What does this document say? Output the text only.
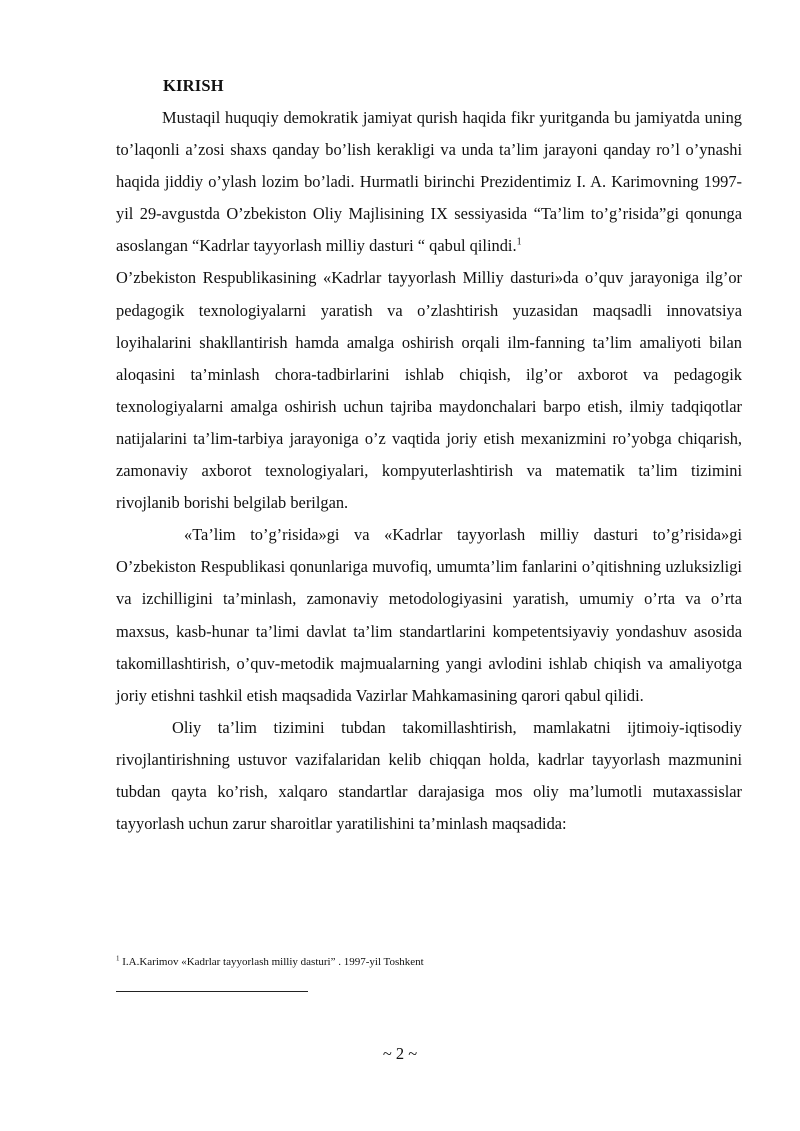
KIRISH

Mustaqil huquqiy demokratik jamiyat qurish haqida fikr yuritganda bu jamiyatda uning to’laqonli a’zosi shaxs qanday bo’lish kerakligi va unda ta’lim jarayoni qanday ro’l o’ynashi haqida jiddiy o’ylash lozim bo’ladi. Hurmatli birinchi Prezidentimiz I. A. Karimovning 1997- yil 29-avgustda O’zbekiston Oliy Majlisining IX sessiyasida “Ta’lim to’g’risida”gi qonunga asoslangan “Kadrlar tayyorlash milliy dasturi “ qabul qilindi.$^1$

O’zbekiston Respublikasining «Kadrlar tayyorlash Milliy dasturi»da o’quv jarayoniga ilg’or pedagogik texnologiyalarni yaratish va o’zlashtirish yuzasidan maqsadli innovatsiya loyihalarini shakllantirish hamda amalga oshirish orqali ilm-fanning ta’lim amaliyoti bilan aloqasini ta’minlash chora-tadbirlarini ishlab chiqish, ilg’or axborot va pedagogik texnologiyalarni amalga oshirish uchun tajriba maydonchalari barpo etish, ilmiy tadqiqotlar natijalarini ta’lim-tarbiya jarayoniga o’z vaqtida joriy etish mexanizmini ro’yobga chiqarish, zamonaviy axborot texnologiyalari, kompyuterlashtirish va matematik ta’lim tizimini rivojlanib borishi belgilab berilgan.

«Ta’lim to’g’risida»gi va «Kadrlar tayyorlash milliy dasturi to’g’risida»gi O’zbekiston Respublikasi qonunlariga muvofiq, umumta’lim fanlarini o’qitishning uzluksizligi va izchilligini ta’minlash, zamonaviy metodologiyasini yaratish, umumiy o’rta va o’rta maxsus, kasb-hunar ta’limi davlat ta’lim standartlarini kompetentsiyaviy yondashuv asosida takomillashtirish, o’quv-metodik majmualarning yangi avlodini ishlab chiqish va amaliyotga joriy etishni tashkil etish maqsadida Vazirlar Mahkamasining qarori qabul qilidi.

Oliy ta’lim tizimini tubdan takomillashtirish, mamlakatni ijtimoiy-iqtisodiy rivojlantirishning ustuvor vazifalaridan kelib chiqqan holda, kadrlar tayyorlash mazmunini tubdan qayta ko’rish, xalqaro standartlar darajasiga mos oliy ma’lumotli mutaxassislar tayyorlash uchun zarur sharoitlar yaratilishini ta’minlash maqsadida:

$^1$ I.A.Karimov «Kadrlar tayyorlash milliy dasturi” . 1997-yil Toshkent
~ 2 ~
